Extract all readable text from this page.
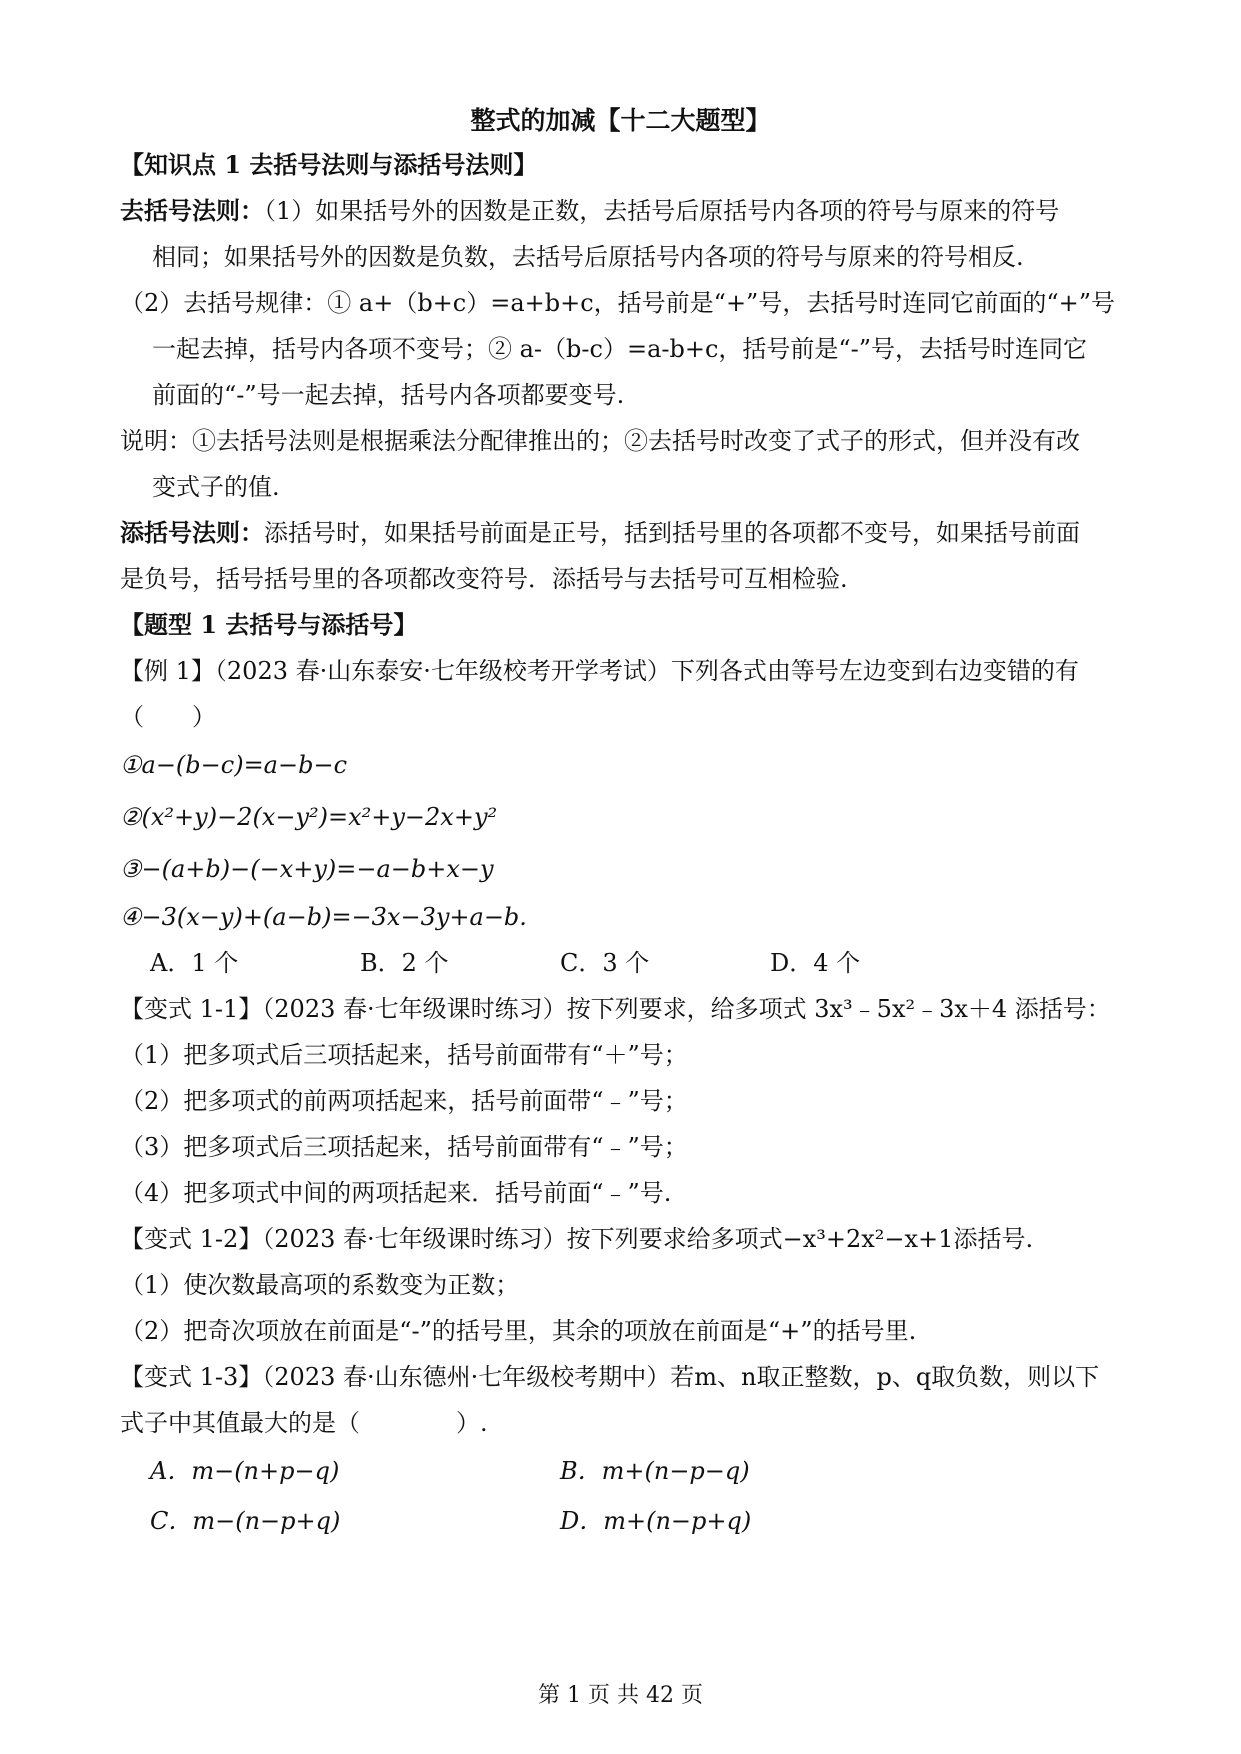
整式的加减【十二大题型】
【知识点 1 去括号法则与添括号法则】
去括号法则：（1）如果括号外的因数是正数，去括号后原括号内各项的符号与原来的符号
相同；如果括号外的因数是负数，去括号后原括号内各项的符号与原来的符号相反.
（2）去括号规律：① a+（b+c）=a+b+c，括号前是“+”号，去括号时连同它前面的“+”号
一起去掉，括号内各项不变号；② a-（b-c）=a-b+c，括号前是“-”号，去括号时连同它
前面的“-”号一起去掉，括号内各项都要变号.
说明：①去括号法则是根据乘法分配律推出的；②去括号时改变了式子的形式，但并没有改
变式子的值.
添括号法则：添括号时，如果括号前面是正号，括到括号里的各项都不变号，如果括号前面
是负号，括号括号里的各项都改变符号．添括号与去括号可互相检验.
【题型 1 去括号与添括号】
【例 1】（2023 春·山东泰安·七年级校考开学考试）下列各式由等号左边变到右边变错的有
（　　）
①a−(b−c)=a−b−c
②(x²+y)−2(x−y²)=x²+y−2x+y²
③−(a+b)−(−x+y)=−a−b+x−y
④−3(x−y)+(a−b)=−3x−3y+a−b.
A．1 个	B．2 个	C．3 个	D．4 个
【变式 1-1】（2023 春·七年级课时练习）按下列要求，给多项式 3x³﹣5x²﹣3x＋4 添括号：
（1）把多项式后三项括起来，括号前面带有“＋”号；
（2）把多项式的前两项括起来，括号前面带“﹣”号；
（3）把多项式后三项括起来，括号前面带有“﹣”号；
（4）把多项式中间的两项括起来．括号前面“﹣”号.
【变式 1-2】（2023 春·七年级课时练习）按下列要求给多项式−x³+2x²−x+1添括号.
（1）使次数最高项的系数变为正数；
（2）把奇次项放在前面是“-”的括号里，其余的项放在前面是“+”的括号里.
【变式 1-3】（2023 春·山东德州·七年级校考期中）若m、n取正整数，p、q取负数，则以下
式子中其值最大的是（　　　　）.
A．m−(n+p−q)	B．m+(n−p−q)
C．m−(n−p+q)	D．m+(n−p+q)
第 1 页 共 42 页
